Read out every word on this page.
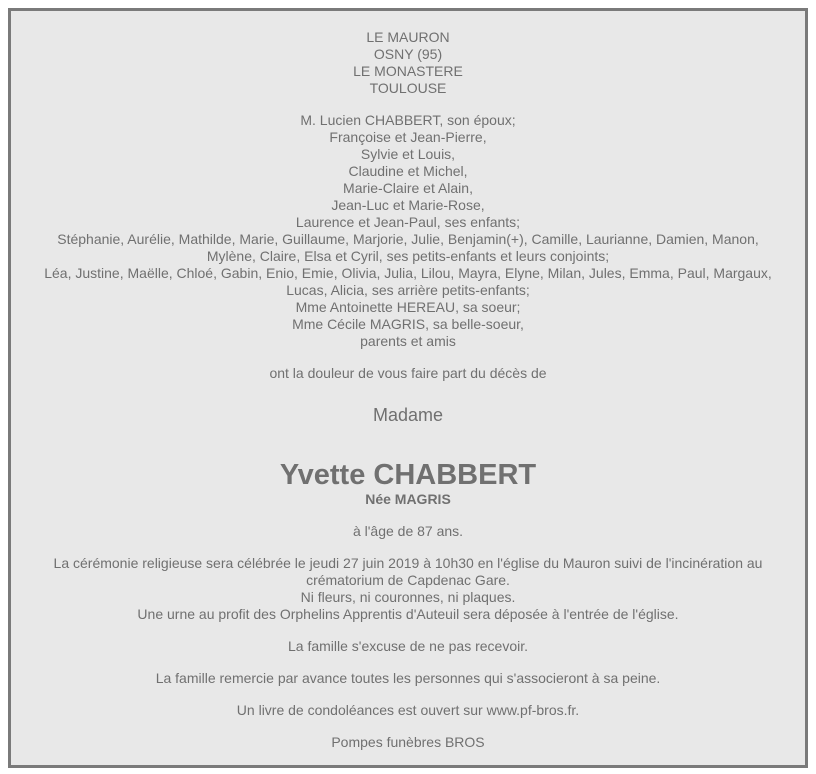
LE MAURON
OSNY (95)
LE MONASTERE
TOULOUSE
M. Lucien CHABBERT, son époux;
Françoise et Jean-Pierre,
Sylvie et Louis,
Claudine et Michel,
Marie-Claire et Alain,
Jean-Luc et Marie-Rose,
Laurence et Jean-Paul, ses enfants;
Stéphanie, Aurélie, Mathilde, Marie, Guillaume, Marjorie, Julie, Benjamin(+), Camille, Laurianne, Damien, Manon,
Mylène, Claire, Elsa et Cyril, ses petits-enfants et leurs conjoints;
Léa, Justine, Maëlle, Chloé, Gabin, Enio, Emie, Olivia, Julia, Lilou, Mayra, Elyne, Milan, Jules, Emma, Paul, Margaux,
Lucas, Alicia, ses arrière petits-enfants;
Mme Antoinette HEREAU, sa soeur;
Mme Cécile MAGRIS, sa belle-soeur,
parents et amis
ont la douleur de vous faire part du décès de
Madame
Yvette CHABBERT
Née MAGRIS
à l'âge de 87 ans.
La cérémonie religieuse sera célébrée le jeudi 27 juin 2019 à 10h30 en l'église du Mauron suivi de l'incinération au
crématorium de Capdenac Gare.
Ni fleurs, ni couronnes, ni plaques.
Une urne au profit des Orphelins Apprentis d'Auteuil sera déposée à l'entrée de l'église.
La famille s'excuse de ne pas recevoir.
La famille remercie par avance toutes les personnes qui s'associeront à sa peine.
Un livre de condoléances est ouvert sur www.pf-bros.fr.
Pompes funèbres BROS
